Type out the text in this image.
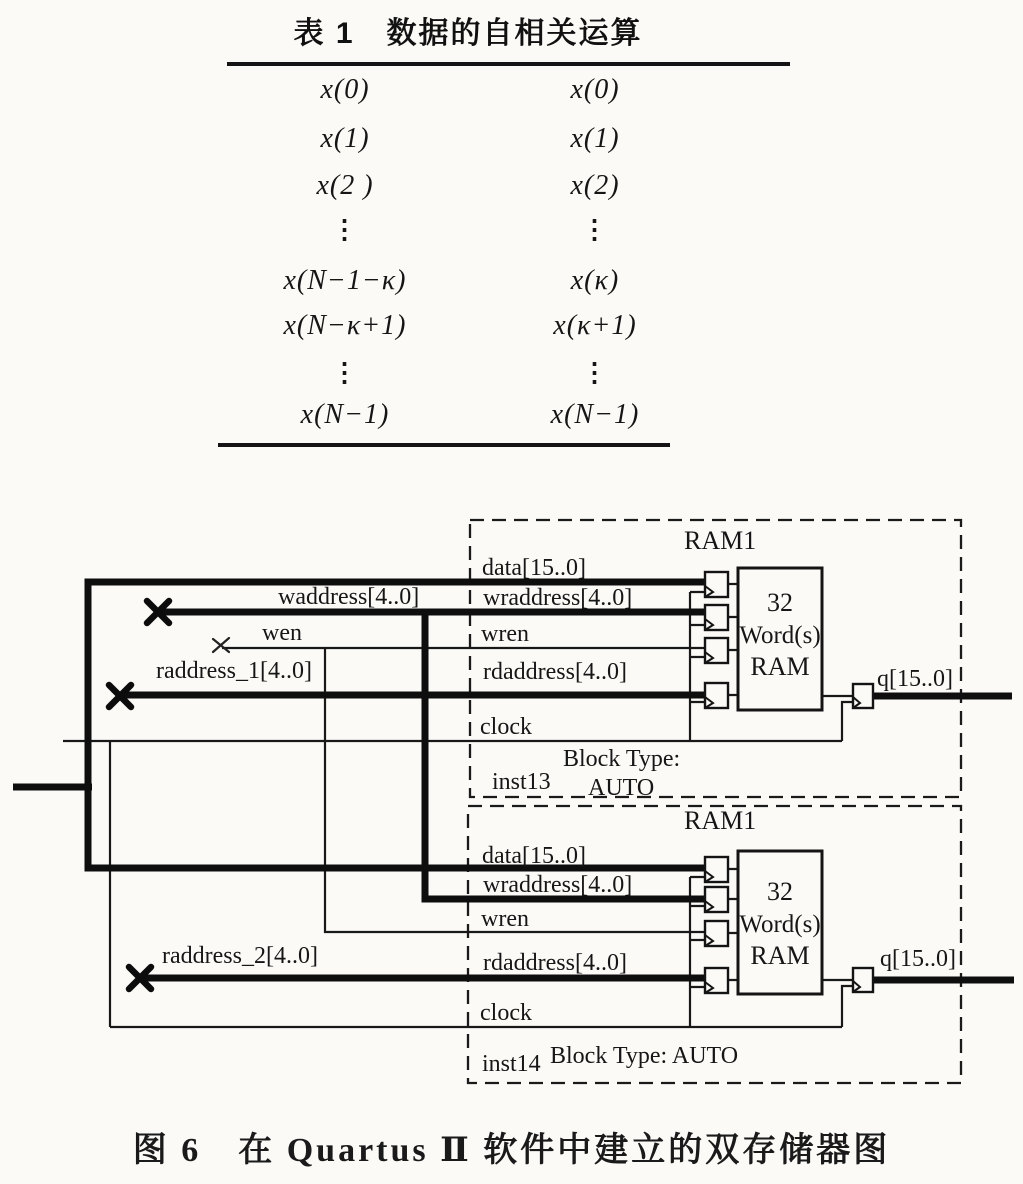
表 1　数据的自相关运算
x(0)	x(0)
x(1)	x(1)
x(2 )	x(2)
⋮	⋮
x(N−1−κ)	x(κ)
x(N−κ+1)	x(κ+1)
⋮	⋮
x(N−1)	x(N−1)
RAM1
data[15..0]
wraddress[4..0]
wren
rdaddress[4..0]
clock
32
Word(s)
RAM	q[15..0]
Block Type:
AUTO
inst13
RAM1
data[15..0]
wraddress[4..0]
wren
rdaddress[4..0]
clock
32
Word(s)
RAM	q[15..0]
Block Type: AUTO
inst14
waddress[4..0]
wen
raddress_1[4..0]
raddress_2[4..0]
图 6　在 Quartus Ⅱ 软件中建立的双存储器图
